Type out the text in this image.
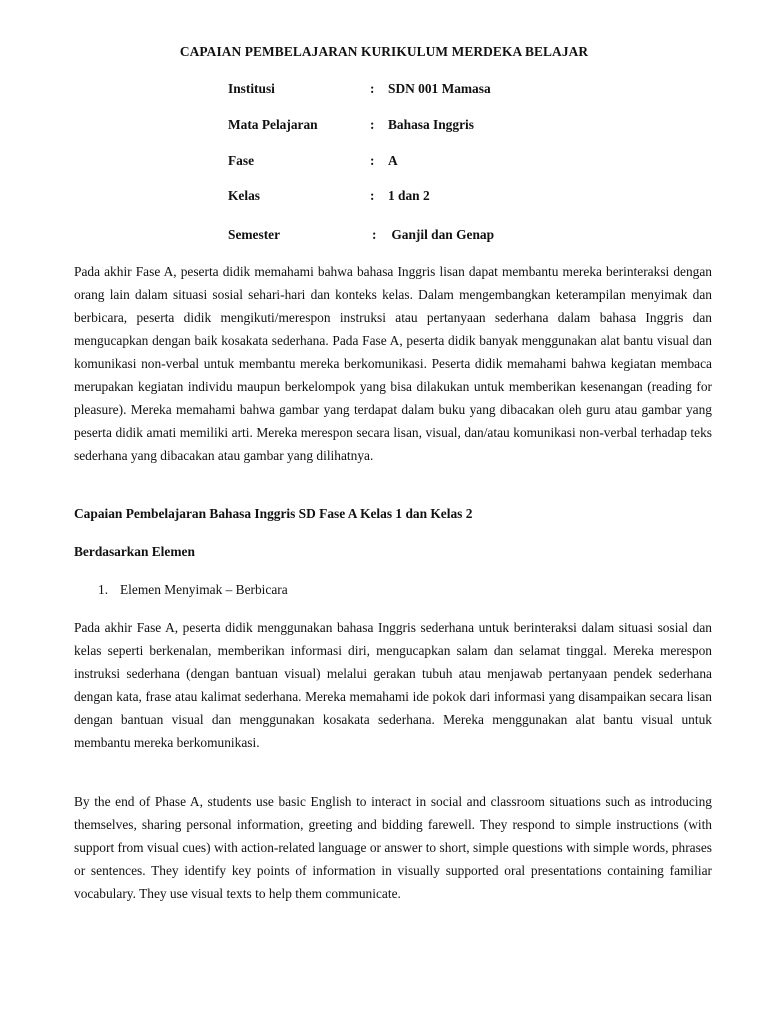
CAPAIAN PEMBELAJARAN KURIKULUM MERDEKA BELAJAR
Institusi	: SDN 001 Mamasa
Mata Pelajaran	: Bahasa Inggris
Fase	: A
Kelas	: 1 dan 2
Semester	: Ganjil dan Genap

Pada akhir Fase A, peserta didik memahami bahwa bahasa Inggris lisan dapat membantu mereka berinteraksi dengan orang lain dalam situasi sosial sehari-hari dan konteks kelas. Dalam mengembangkan keterampilan menyimak dan berbicara, peserta didik mengikuti/merespon instruksi atau pertanyaan sederhana dalam bahasa Inggris dan mengucapkan dengan baik kosakata sederhana. Pada Fase A, peserta didik banyak menggunakan alat bantu visual dan komunikasi non-verbal untuk membantu mereka berkomunikasi. Peserta didik memahami bahwa kegiatan membaca merupakan kegiatan individu maupun berkelompok yang bisa dilakukan untuk memberikan kesenangan (reading for pleasure). Mereka memahami bahwa gambar yang terdapat dalam buku yang dibacakan oleh guru atau gambar yang peserta didik amati memiliki arti. Mereka merespon secara lisan, visual, dan/atau komunikasi non-verbal terhadap teks sederhana yang dibacakan atau gambar yang dilihatnya.

Capaian Pembelajaran Bahasa Inggris SD Fase A Kelas 1 dan Kelas 2

Berdasarkan Elemen

1. Elemen Menyimak – Berbicara

Pada akhir Fase A, peserta didik menggunakan bahasa Inggris sederhana untuk berinteraksi dalam situasi sosial dan kelas seperti berkenalan, memberikan informasi diri, mengucapkan salam dan selamat tinggal. Mereka merespon instruksi sederhana (dengan bantuan visual) melalui gerakan tubuh atau menjawab pertanyaan pendek sederhana dengan kata, frase atau kalimat sederhana. Mereka memahami ide pokok dari informasi yang disampaikan secara lisan dengan bantuan visual dan menggunakan kosakata sederhana. Mereka menggunakan alat bantu visual untuk membantu mereka berkomunikasi.

By the end of Phase A, students use basic English to interact in social and classroom situations such as introducing themselves, sharing personal information, greeting and bidding farewell. They respond to simple instructions (with support from visual cues) with action-related language or answer to short, simple questions with simple words, phrases or sentences. They identify key points of information in visually supported oral presentations containing familiar vocabulary. They use visual texts to help them communicate.
